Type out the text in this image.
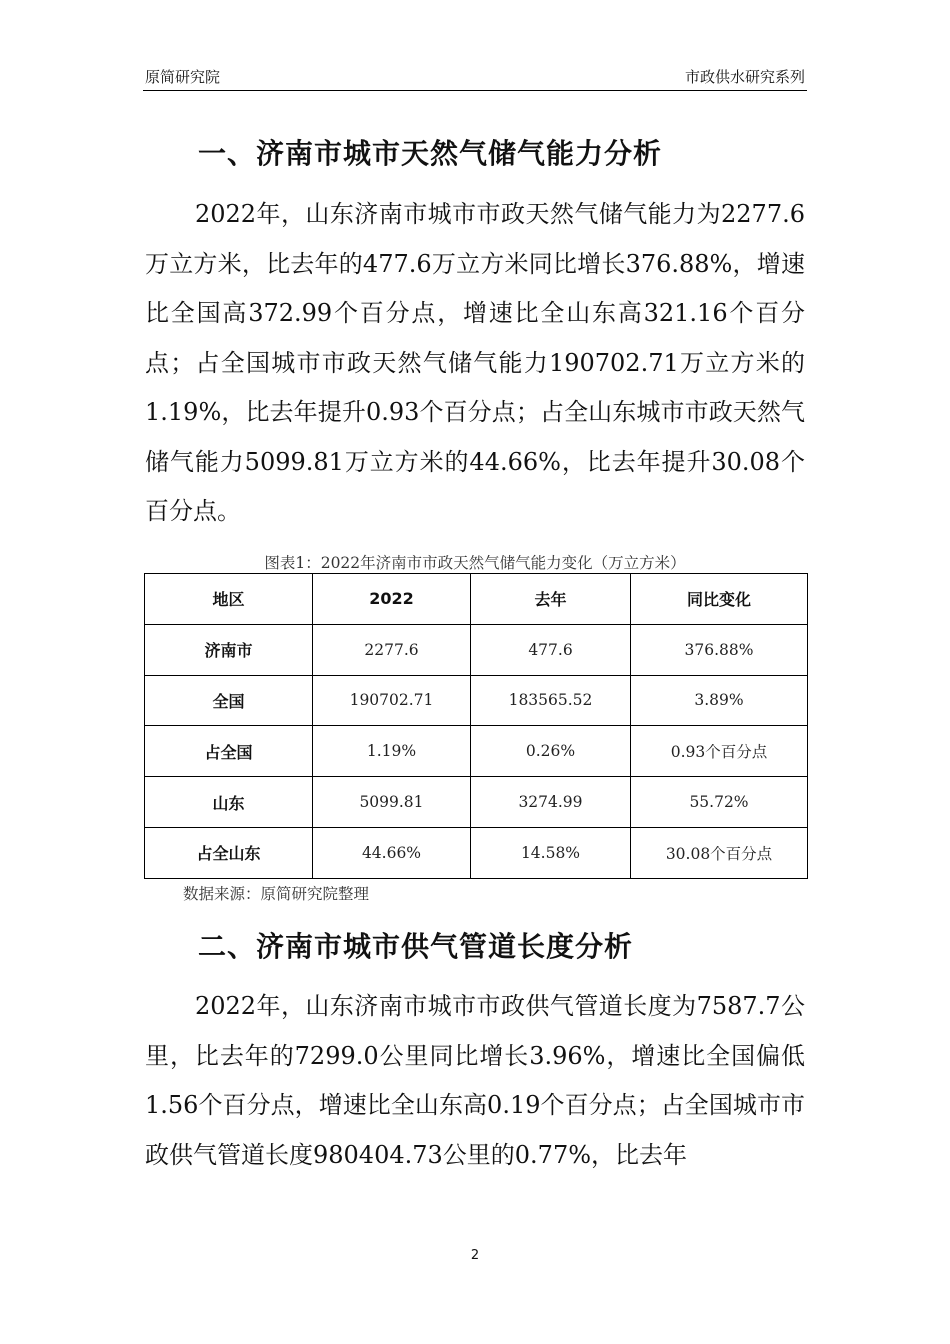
原简研究院	市政供水研究系列
一、济南市城市天然气储气能力分析

2022年，山东济南市城市市政天然气储气能力为2277.6万立方米，比去年的477.6万立方米同比增长376.88%，增速比全国高372.99个百分点，增速比全山东高321.16个百分点；占全国城市市政天然气储气能力190702.71万立方米的1.19%，比去年提升0.93个百分点；占全山东城市市政天然气储气能力5099.81万立方米的44.66%，比去年提升30.08个百分点。

图表1：2022年济南市市政天然气储气能力变化（万立方米）
地区	2022	去年	同比变化
济南市	2277.6	477.6	376.88%
全国	190702.71	183565.52	3.89%
占全国	1.19%	0.26%	0.93个百分点
山东	5099.81	3274.99	55.72%
占全山东	44.66%	14.58%	30.08个百分点
数据来源：原简研究院整理
二、济南市城市供气管道长度分析

2022年，山东济南市城市市政供气管道长度为7587.7公里，比去年的7299.0公里同比增长3.96%，增速比全国偏低1.56个百分点，增速比全山东高0.19个百分点；占全国城市市政供气管道长度980404.73公里的0.77%，比去年

2
